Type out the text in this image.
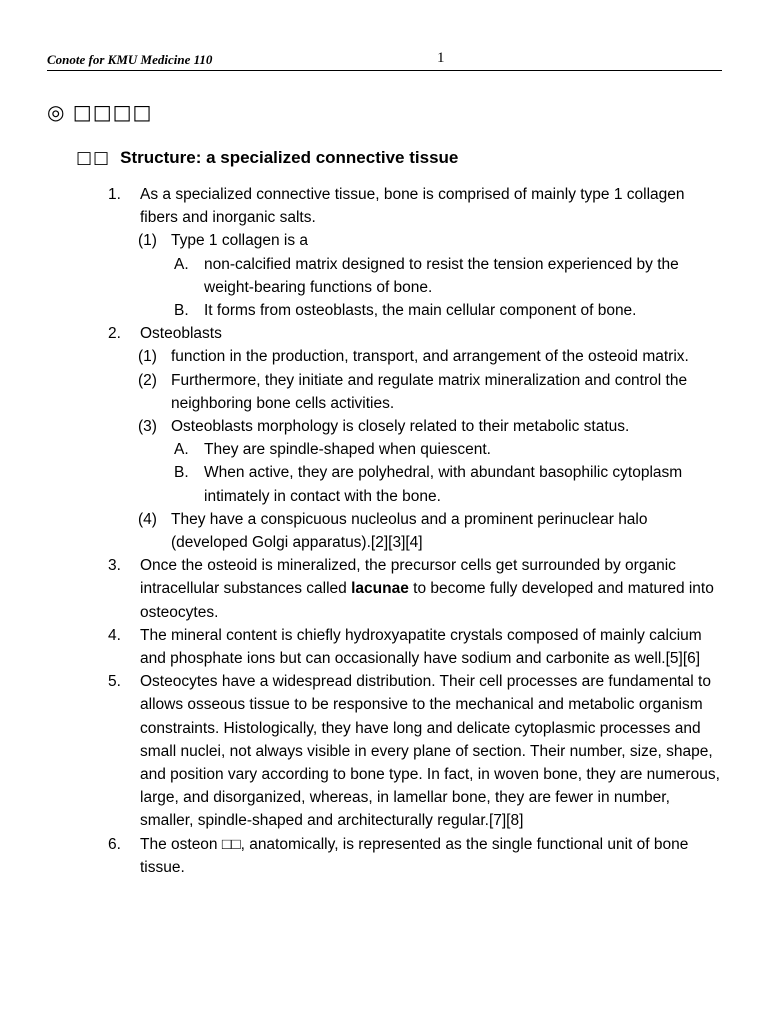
Conote for KMU Medicine 110	1
◎ □□□□
□□ Structure: a specialized connective tissue
1. As a specialized connective tissue, bone is comprised of mainly type 1 collagen fibers and inorganic salts.
(1) Type 1 collagen is a
A. non-calcified matrix designed to resist the tension experienced by the weight-bearing functions of bone.
B. It forms from osteoblasts, the main cellular component of bone.
2. Osteoblasts
(1) function in the production, transport, and arrangement of the osteoid matrix.
(2) Furthermore, they initiate and regulate matrix mineralization and control the neighboring bone cells activities.
(3) Osteoblasts morphology is closely related to their metabolic status.
A. They are spindle-shaped when quiescent.
B. When active, they are polyhedral, with abundant basophilic cytoplasm intimately in contact with the bone.
(4) They have a conspicuous nucleolus and a prominent perinuclear halo (developed Golgi apparatus).[2][3][4]
3. Once the osteoid is mineralized, the precursor cells get surrounded by organic intracellular substances called lacunae to become fully developed and matured into osteocytes.
4. The mineral content is chiefly hydroxyapatite crystals composed of mainly calcium and phosphate ions but can occasionally have sodium and carbonite as well.[5][6]
5. Osteocytes have a widespread distribution. Their cell processes are fundamental to allows osseous tissue to be responsive to the mechanical and metabolic organism constraints. Histologically, they have long and delicate cytoplasmic processes and small nuclei, not always visible in every plane of section. Their number, size, shape, and position vary according to bone type. In fact, in woven bone, they are numerous, large, and disorganized, whereas, in lamellar bone, they are fewer in number, smaller, spindle-shaped and architecturally regular.[7][8]
6. The osteon □□, anatomically, is represented as the single functional unit of bone tissue.
